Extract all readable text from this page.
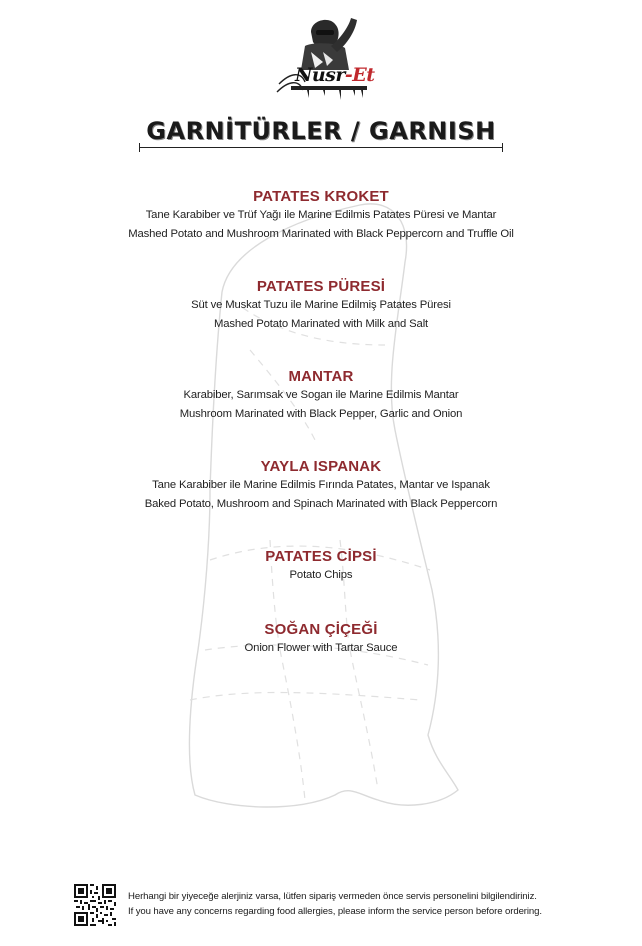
Nusr-Et
GARNİTÜRLER / GARNISH
PATATES KROKET
Tane Karabiber ve Trüf Yağı ile Marine Edilmis Patates Püresi ve Mantar
Mashed Potato and Mushroom Marinated with Black Peppercorn and Truffle Oil
PATATES PÜRESİ
Süt ve Muskat Tuzu ile Marine Edilmiş Patates Püresi
Mashed Potato Marinated with Milk and Salt
MANTAR
Karabiber, Sarımsak ve Sogan ile Marine Edilmis Mantar
Mushroom Marinated with Black Pepper, Garlic and Onion
YAYLA ISPANAK
Tane Karabiber ile Marine Edilmis Fırında Patates, Mantar ve Ispanak
Baked Potato, Mushroom and Spinach Marinated with Black Peppercorn
PATATES CİPSİ
Potato Chips
SOĞAN ÇİÇEĞİ
Onion Flower with Tartar Sauce
Herhangi bir yiyeceğe alerjiniz varsa, lütfen sipariş vermeden önce servis personelini bilgilendiriniz.
If you have any concerns regarding food allergies, please inform the service person before ordering.
